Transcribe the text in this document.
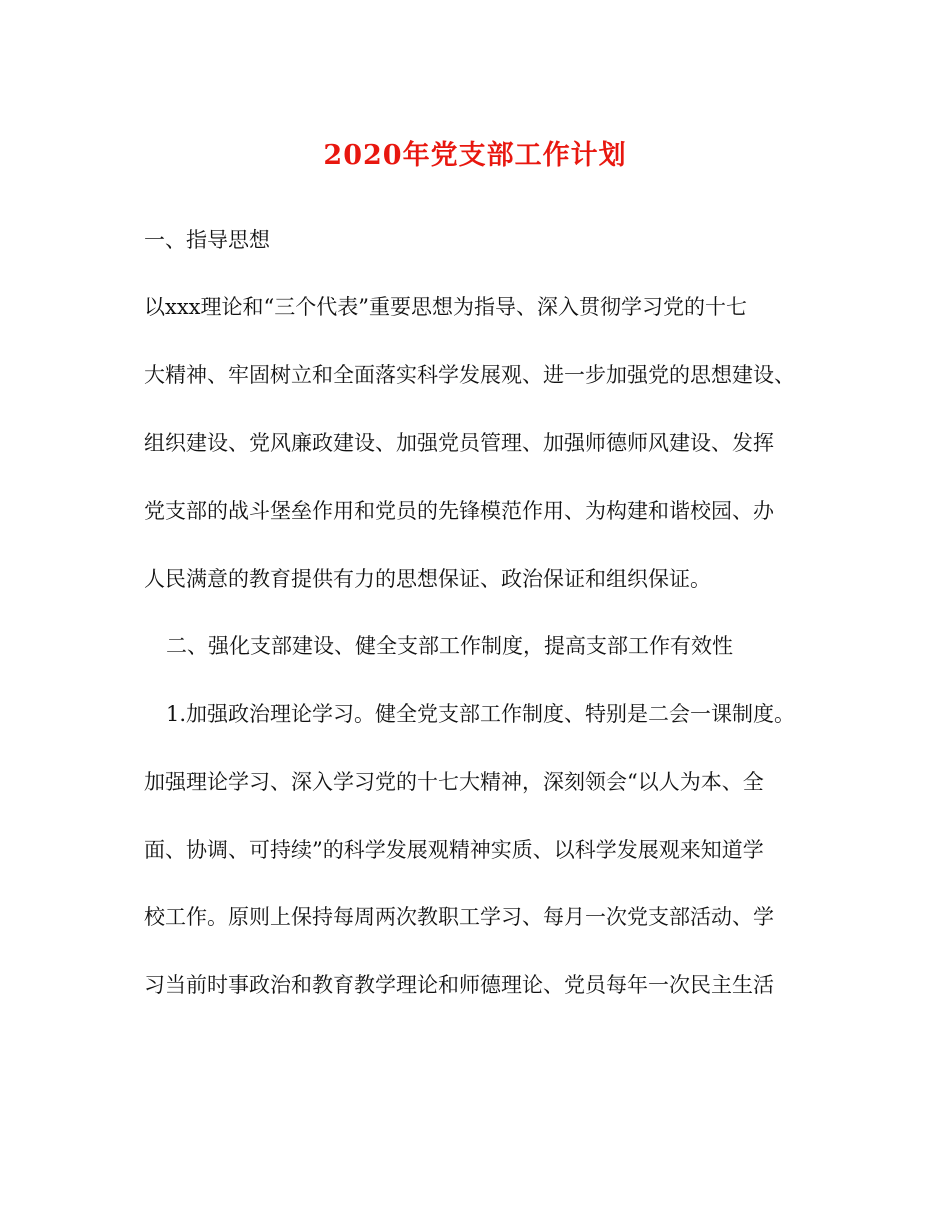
2020年党支部工作计划
一、指导思想
以xxx理论和“三个代表”重要思想为指导、深入贯彻学习党的十七
大精神、牢固树立和全面落实科学发展观、进一步加强党的思想建设、
组织建设、党风廉政建设、加强党员管理、加强师德师风建设、发挥
党支部的战斗堡垒作用和党员的先锋模范作用、为构建和谐校园、办
人民满意的教育提供有力的思想保证、政治保证和组织保证。
二、强化支部建设、健全支部工作制度，提高支部工作有效性
1.加强政治理论学习。健全党支部工作制度、特别是二会一课制度。
加强理论学习、深入学习党的十七大精神，深刻领会“以人为本、全
面、协调、可持续”的科学发展观精神实质、以科学发展观来知道学
校工作。原则上保持每周两次教职工学习、每月一次党支部活动、学
习当前时事政治和教育教学理论和师德理论、党员每年一次民主生活
